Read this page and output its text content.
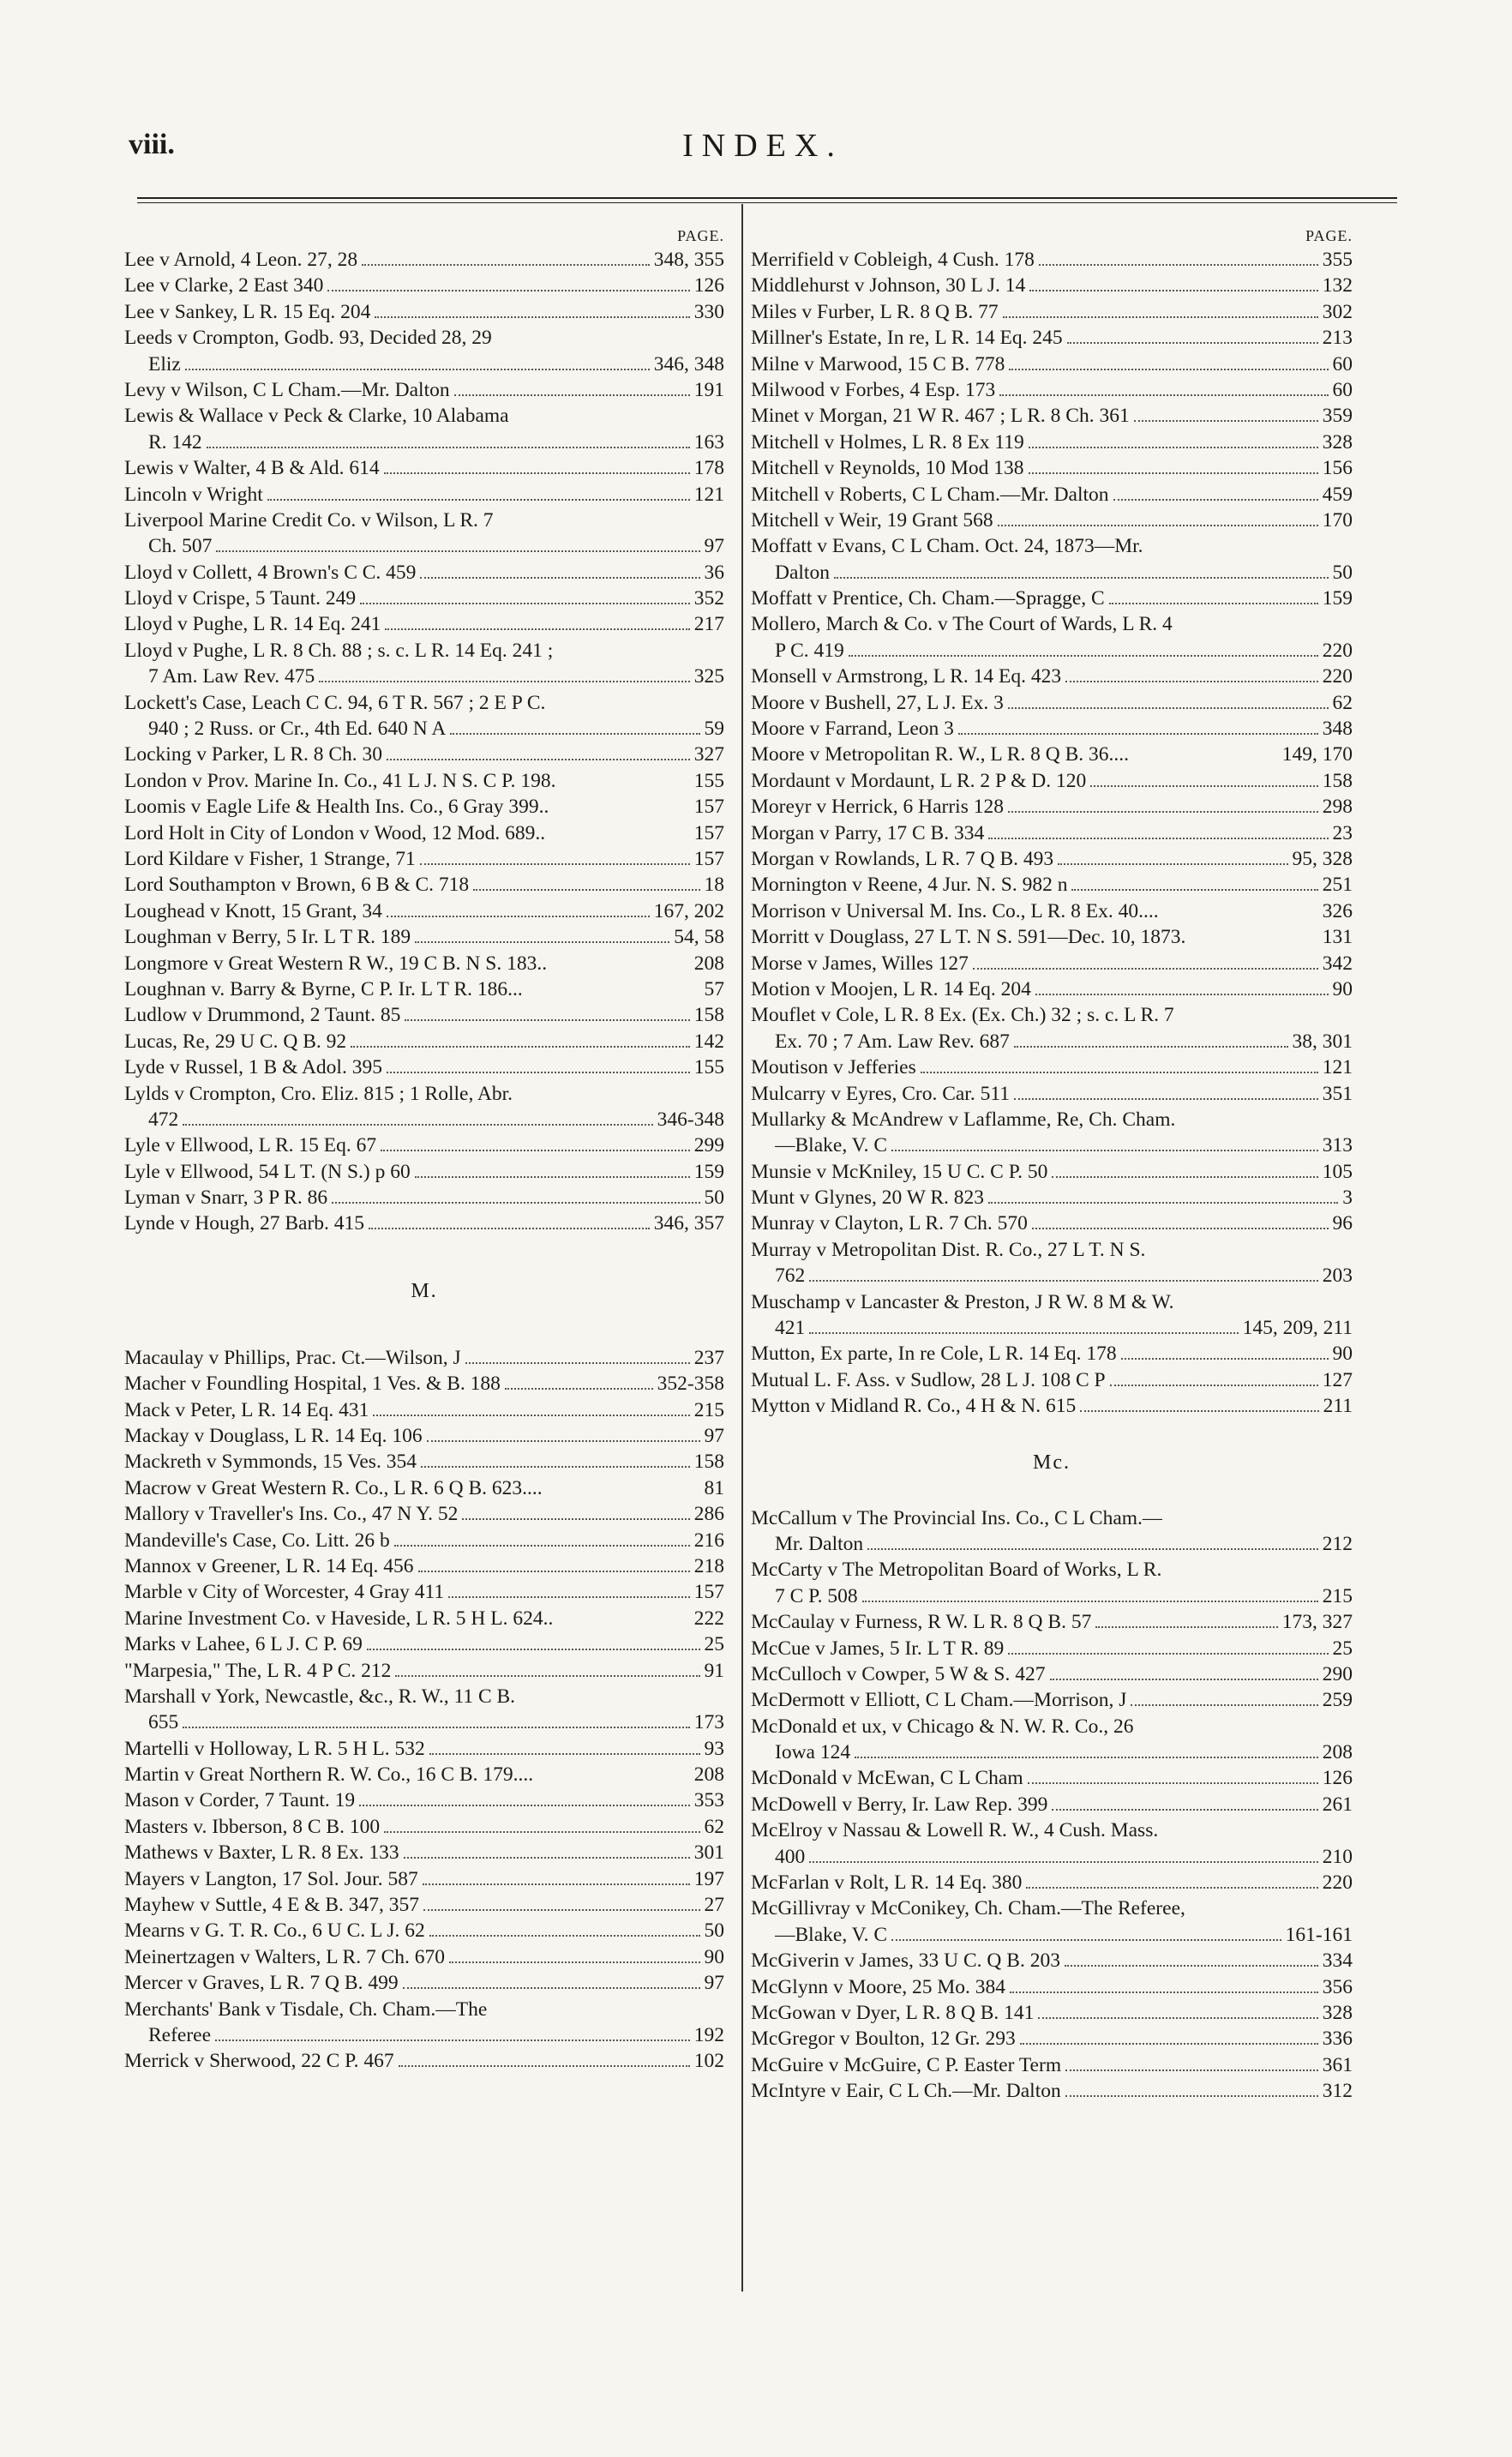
viii.	INDEX.
PAGE.
Lee v Arnold, 4 Leon. 27, 28	348, 355
Lee v Clarke, 2 East 340	126
Lee v Sankey, L R. 15 Eq. 204	330
Leeds v Crompton, Godb. 93, Decided 28, 29
Eliz	346, 348
Levy v Wilson, C L Cham.—Mr. Dalton	191
Lewis & Wallace v Peck & Clarke, 10 Alabama
R. 142	163
Lewis v Walter, 4 B & Ald. 614	178
Lincoln v Wright	121
Liverpool Marine Credit Co. v Wilson, L R. 7
Ch. 507	97
Lloyd v Collett, 4 Brown's C C. 459	36
Lloyd v Crispe, 5 Taunt. 249	352
Lloyd v Pughe, L R. 14 Eq. 241	217
Lloyd v Pughe, L R. 8 Ch. 88 ; s. c. L R. 14 Eq. 241 ;
7 Am. Law Rev. 475	325
Lockett's Case, Leach C C. 94, 6 T R. 567 ; 2 E P C.
940 ; 2 Russ. or Cr., 4th Ed. 640 N A	59
Locking v Parker, L R. 8 Ch. 30	327
London v Prov. Marine In. Co., 41 L J. N S. C P. 198.	155
Loomis v Eagle Life & Health Ins. Co., 6 Gray 399..	157
Lord Holt in City of London v Wood, 12 Mod. 689..	157
Lord Kildare v Fisher, 1 Strange, 71	157
Lord Southampton v Brown, 6 B & C. 718	18
Loughead v Knott, 15 Grant, 34	167, 202
Loughman v Berry, 5 Ir. L T R. 189	54, 58
Longmore v Great Western R W., 19 C B. N S. 183..	208
Loughnan v. Barry & Byrne, C P. Ir. L T R. 186...	57
Ludlow v Drummond, 2 Taunt. 85	158
Lucas, Re, 29 U C. Q B. 92	142
Lyde v Russel, 1 B & Adol. 395	155
Lylds v Crompton, Cro. Eliz. 815 ; 1 Rolle, Abr.
472	346-348
Lyle v Ellwood, L R. 15 Eq. 67	299
Lyle v Ellwood, 54 L T. (N S.) p 60	159
Lyman v Snarr, 3 P R. 86	50
Lynde v Hough, 27 Barb. 415	346, 357
M.
Macaulay v Phillips, Prac. Ct.—Wilson, J	237
Macher v Foundling Hospital, 1 Ves. & B. 188	352-358
Mack v Peter, L R. 14 Eq. 431	215
Mackay v Douglass, L R. 14 Eq. 106	97
Mackreth v Symmonds, 15 Ves. 354	158
Macrow v Great Western R. Co., L R. 6 Q B. 623....	81
Mallory v Traveller's Ins. Co., 47 N Y. 52	286
Mandeville's Case, Co. Litt. 26 b	216
Mannox v Greener, L R. 14 Eq. 456	218
Marble v City of Worcester, 4 Gray 411	157
Marine Investment Co. v Haveside, L R. 5 H L. 624..	222
Marks v Lahee, 6 L J. C P. 69	25
"Marpesia," The, L R. 4 P C. 212	91
Marshall v York, Newcastle, &c., R. W., 11 C B.
655	173
Martelli v Holloway, L R. 5 H L. 532	93
Martin v Great Northern R. W. Co., 16 C B. 179....	208
Mason v Corder, 7 Taunt. 19	353
Masters v. Ibberson, 8 C B. 100	62
Mathews v Baxter, L R. 8 Ex. 133	301
Mayers v Langton, 17 Sol. Jour. 587	197
Mayhew v Suttle, 4 E & B. 347, 357	27
Mearns v G. T. R. Co., 6 U C. L J. 62	50
Meinertzagen v Walters, L R. 7 Ch. 670	90
Mercer v Graves, L R. 7 Q B. 499	97
Merchants' Bank v Tisdale, Ch. Cham.—The
Referee	192
Merrick v Sherwood, 22 C P. 467	102
PAGE.
Merrifield v Cobleigh, 4 Cush. 178	355
Middlehurst v Johnson, 30 L J. 14	132
Miles v Furber, L R. 8 Q B. 77	302
Millner's Estate, In re, L R. 14 Eq. 245	213
Milne v Marwood, 15 C B. 778	60
Milwood v Forbes, 4 Esp. 173	60
Minet v Morgan, 21 W R. 467 ; L R. 8 Ch. 361	359
Mitchell v Holmes, L R. 8 Ex 119	328
Mitchell v Reynolds, 10 Mod 138	156
Mitchell v Roberts, C L Cham.—Mr. Dalton	459
Mitchell v Weir, 19 Grant 568	170
Moffatt v Evans, C L Cham. Oct. 24, 1873—Mr.
Dalton	50
Moffatt v Prentice, Ch. Cham.—Spragge, C	159
Mollero, March & Co. v The Court of Wards, L R. 4
P C. 419	220
Monsell v Armstrong, L R. 14 Eq. 423	220
Moore v Bushell, 27, L J. Ex. 3	62
Moore v Farrand, Leon 3	348
Moore v Metropolitan R. W., L R. 8 Q B. 36....	149, 170
Mordaunt v Mordaunt, L R. 2 P & D. 120	158
Moreyr v Herrick, 6 Harris 128	298
Morgan v Parry, 17 C B. 334	23
Morgan v Rowlands, L R. 7 Q B. 493	95, 328
Mornington v Reene, 4 Jur. N. S. 982 n	251
Morrison v Universal M. Ins. Co., L R. 8 Ex. 40....	326
Morritt v Douglass, 27 L T. N S. 591—Dec. 10, 1873.	131
Morse v James, Willes 127	342
Motion v Moojen, L R. 14 Eq. 204	90
Mouflet v Cole, L R. 8 Ex. (Ex. Ch.) 32 ; s. c. L R. 7
Ex. 70 ; 7 Am. Law Rev. 687	38, 301
Moutison v Jefferies	121
Mulcarry v Eyres, Cro. Car. 511	351
Mullarky & McAndrew v Laflamme, Re, Ch. Cham.
—Blake, V. C	313
Munsie v McKniley, 15 U C. C P. 50	105
Munt v Glynes, 20 W R. 823	3
Munray v Clayton, L R. 7 Ch. 570	96
Murray v Metropolitan Dist. R. Co., 27 L T. N S.
762	203
Muschamp v Lancaster & Preston, J R W. 8 M & W.
421	145, 209, 211
Mutton, Ex parte, In re Cole, L R. 14 Eq. 178	90
Mutual L. F. Ass. v Sudlow, 28 L J. 108 C P	127
Mytton v Midland R. Co., 4 H & N. 615	211
Mc.
McCallum v The Provincial Ins. Co., C L Cham.—
Mr. Dalton	212
McCarty v The Metropolitan Board of Works, L R.
7 C P. 508	215
McCaulay v Furness, R W. L R. 8 Q B. 57	173, 327
McCue v James, 5 Ir. L T R. 89	25
McCulloch v Cowper, 5 W & S. 427	290
McDermott v Elliott, C L Cham.—Morrison, J	259
McDonald et ux, v Chicago & N. W. R. Co., 26
Iowa 124	208
McDonald v McEwan, C L Cham	126
McDowell v Berry, Ir. Law Rep. 399	261
McElroy v Nassau & Lowell R. W., 4 Cush. Mass.
400	210
McFarlan v Rolt, L R. 14 Eq. 380	220
McGillivray v McConikey, Ch. Cham.—The Referee,
—Blake, V. C	161-161
McGiverin v James, 33 U C. Q B. 203	334
McGlynn v Moore, 25 Mo. 384	356
McGowan v Dyer, L R. 8 Q B. 141	328
McGregor v Boulton, 12 Gr. 293	336
McGuire v McGuire, C P. Easter Term	361
McIntyre v Eair, C L Ch.—Mr. Dalton	312
